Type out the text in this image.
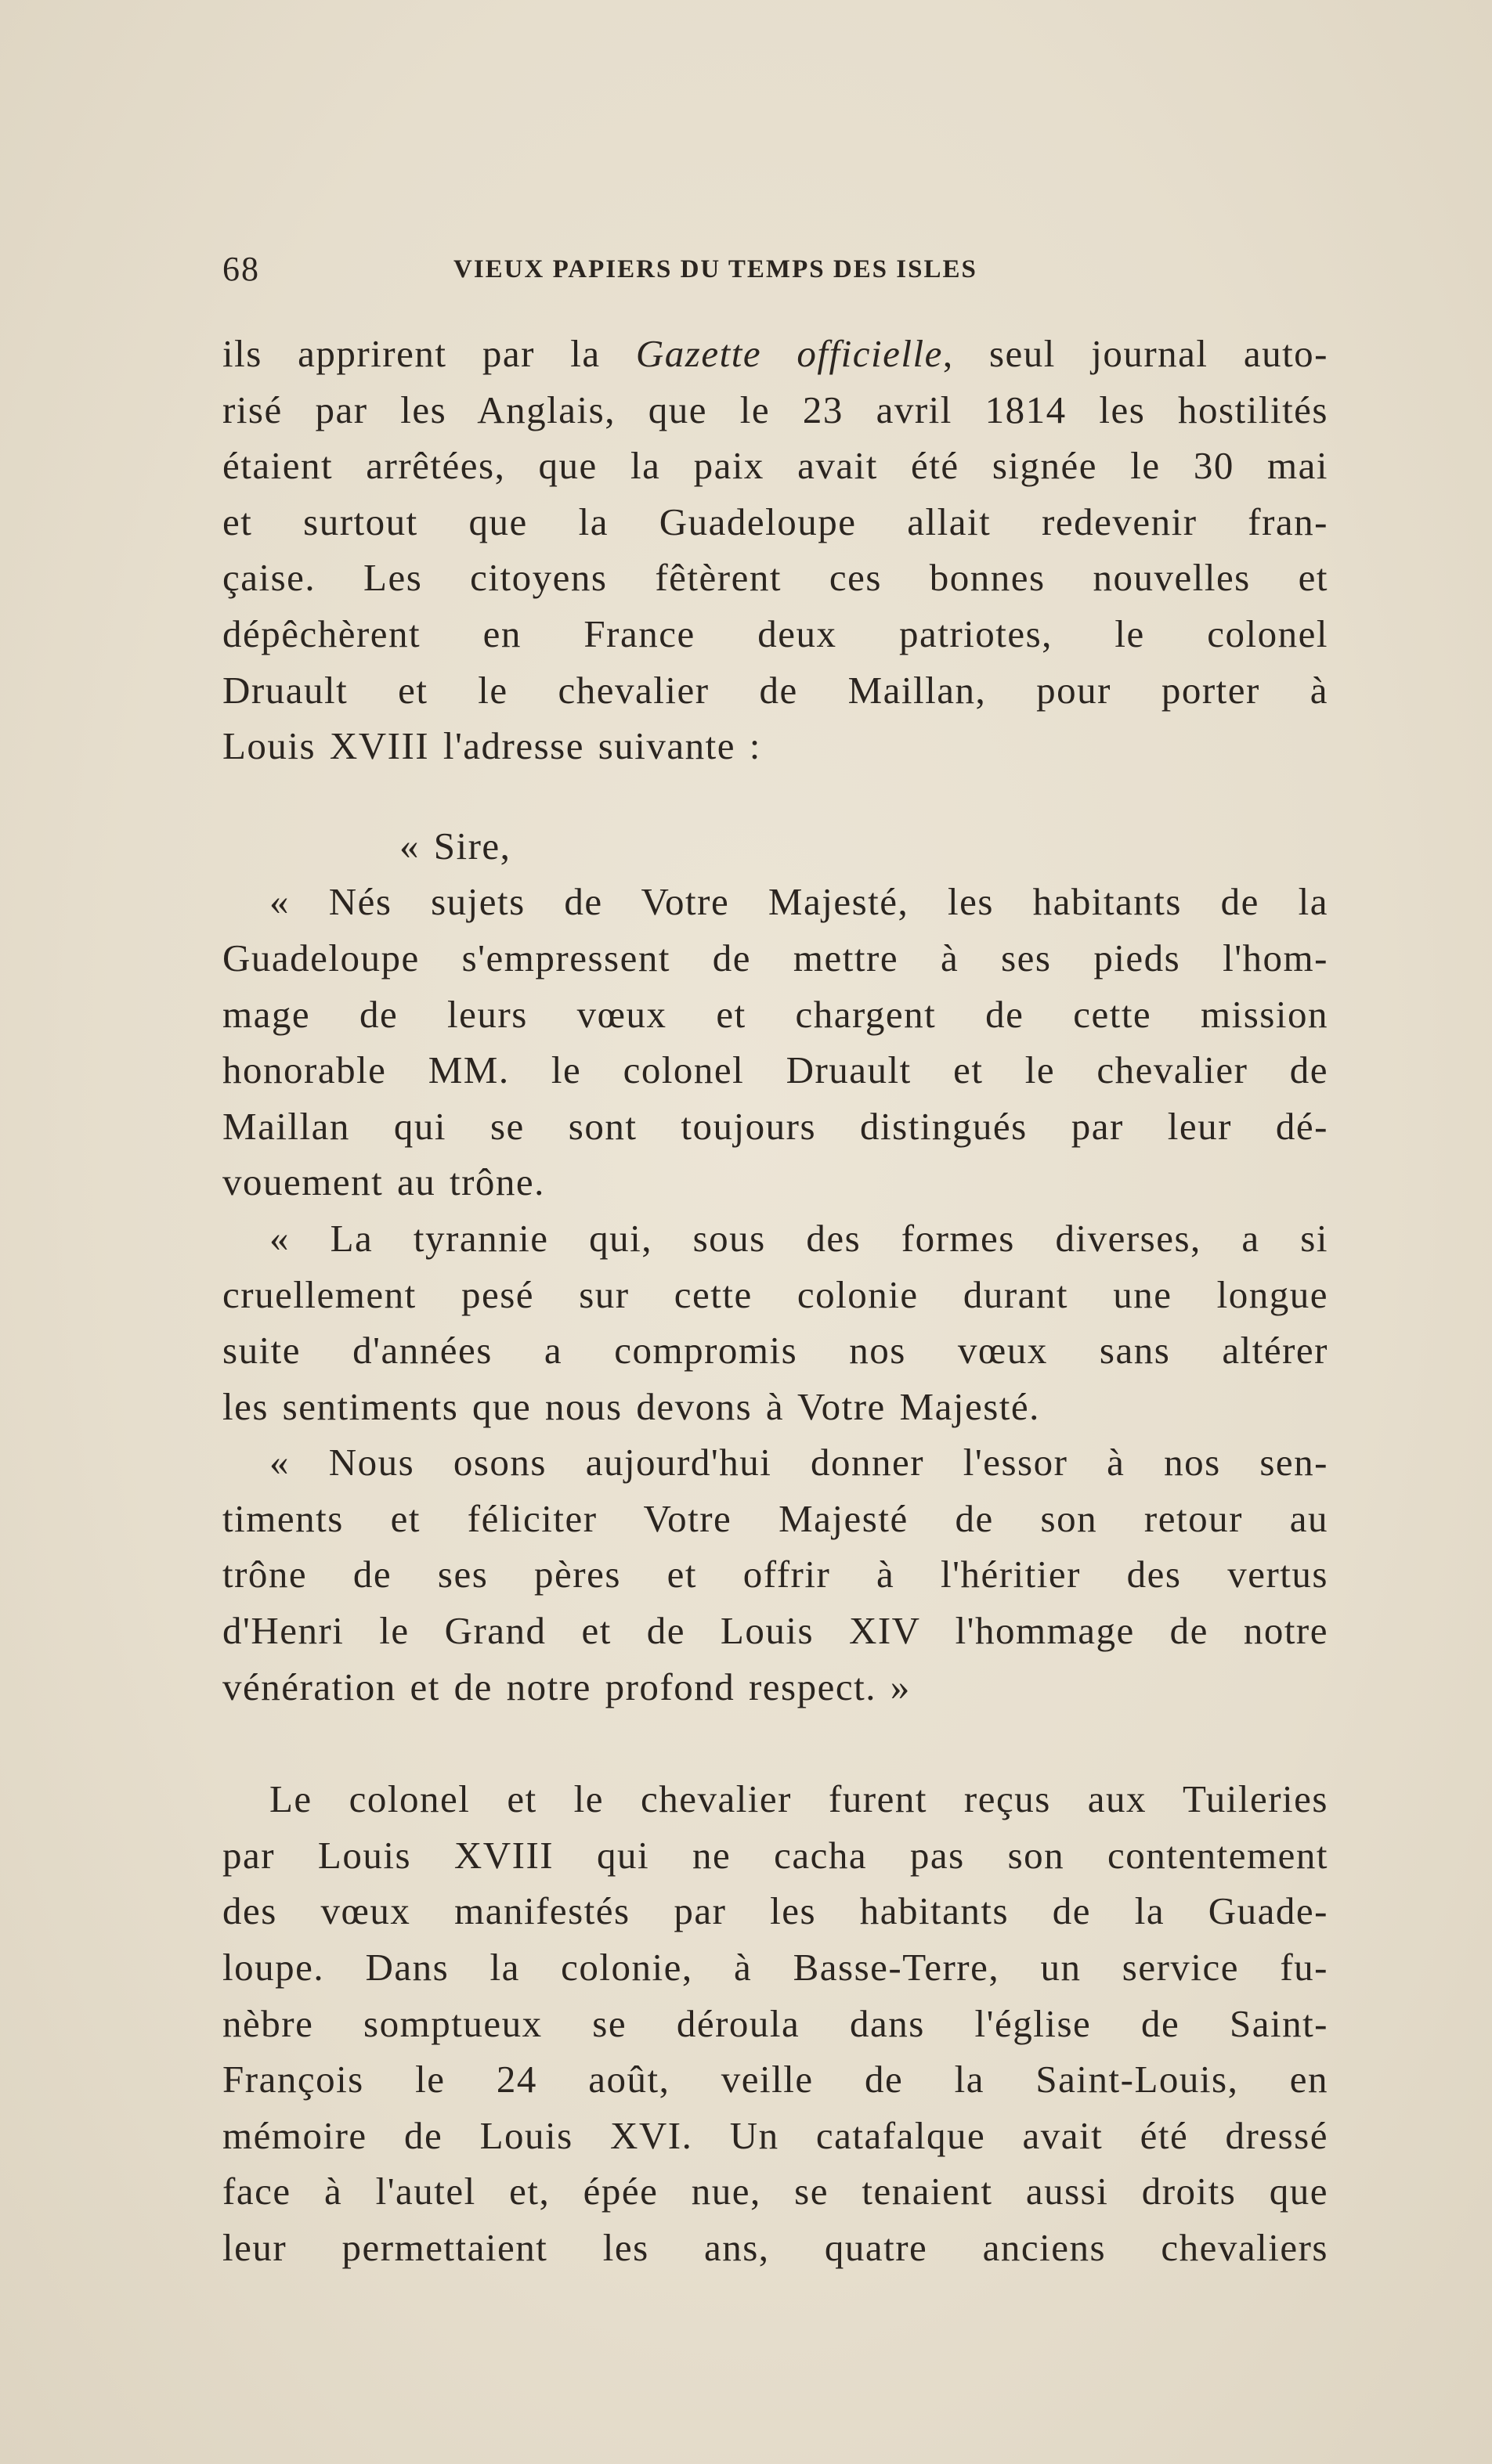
68	VIEUX PAPIERS DU TEMPS DES ISLES
ils apprirent par la Gazette officielle, seul journal auto-
risé par les Anglais, que le 23 avril 1814 les hostilités
étaient arrêtées, que la paix avait été signée le 30 mai
et surtout que la Guadeloupe allait redevenir fran-
çaise. Les citoyens fêtèrent ces bonnes nouvelles et
dépêchèrent en France deux patriotes, le colonel
Druault et le chevalier de Maillan, pour porter à
Louis XVIII l'adresse suivante :
« Sire,
« Nés sujets de Votre Majesté, les habitants de la
Guadeloupe s'empressent de mettre à ses pieds l'hom-
mage de leurs vœux et chargent de cette mission
honorable MM. le colonel Druault et le chevalier de
Maillan qui se sont toujours distingués par leur dé-
vouement au trône.
« La tyrannie qui, sous des formes diverses, a si
cruellement pesé sur cette colonie durant une longue
suite d'années a compromis nos vœux sans altérer
les sentiments que nous devons à Votre Majesté.
« Nous osons aujourd'hui donner l'essor à nos sen-
timents et féliciter Votre Majesté de son retour au
trône de ses pères et offrir à l'héritier des vertus
d'Henri le Grand et de Louis XIV l'hommage de notre
vénération et de notre profond respect. »
Le colonel et le chevalier furent reçus aux Tuileries
par Louis XVIII qui ne cacha pas son contentement
des vœux manifestés par les habitants de la Guade-
loupe. Dans la colonie, à Basse-Terre, un service fu-
nèbre somptueux se déroula dans l'église de Saint-
François le 24 août, veille de la Saint-Louis, en
mémoire de Louis XVI. Un catafalque avait été dressé
face à l'autel et, épée nue, se tenaient aussi droits que
leur permettaient les ans, quatre anciens chevaliers
